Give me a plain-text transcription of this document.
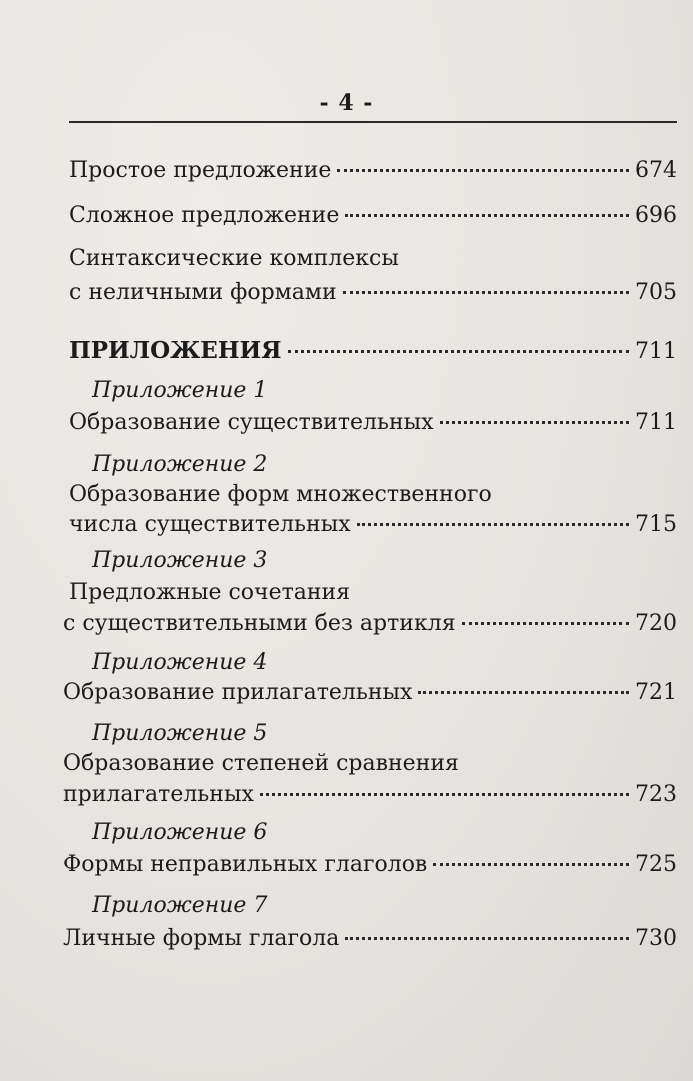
- 4 -
Простое предложение	674
Сложное предложение	696
Синтаксические комплексы
с неличными формами	705
ПРИЛОЖЕНИЯ	711
Приложение 1
Образование существительных	711
Приложение 2
Образование форм множественного
числа существительных	715
Приложение 3
Предложные сочетания
с существительными без артикля	720
Приложение 4
Образование прилагательных	721
Приложение 5
Образование степеней сравнения
прилагательных	723
Приложение 6
Формы неправильных глаголов	725
Приложение 7
Личные формы глагола	730
